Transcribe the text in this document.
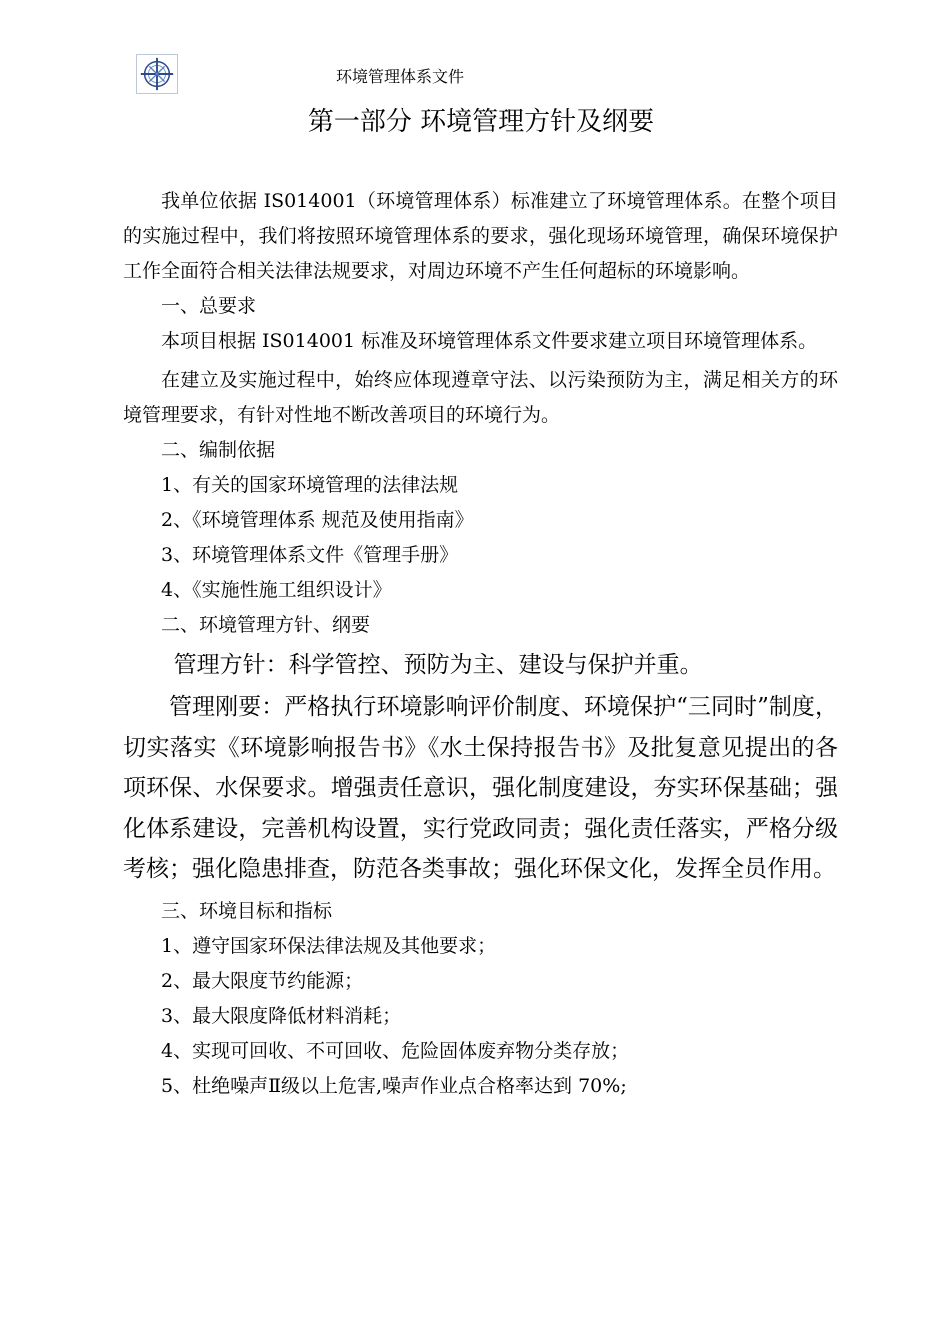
环境管理体系文件
第一部分 环境管理方针及纲要

我单位依据 IS014001（环境管理体系）标准建立了环境管理体系。在整个项目的实施过程中，我们将按照环境管理体系的要求，强化现场环境管理，确保环境保护工作全面符合相关法律法规要求，对周边环境不产生任何超标的环境影响。

一、总要求

本项目根据 IS014001 标准及环境管理体系文件要求建立项目环境管理体系。

在建立及实施过程中，始终应体现遵章守法、以污染预防为主，满足相关方的环境管理要求，有针对性地不断改善项目的环境行为。

二、编制依据

1、有关的国家环境管理的法律法规

2、《环境管理体系 规范及使用指南》

3、环境管理体系文件《管理手册》

4、《实施性施工组织设计》

二、环境管理方针、纲要

管理方针：科学管控、预防为主、建设与保护并重。

管理刚要：严格执行环境影响评价制度、环境保护“三同时”制度，切实落实《环境影响报告书》《水土保持报告书》及批复意见提出的各项环保、水保要求。增强责任意识，强化制度建设，夯实环保基础；强化体系建设，完善机构设置，实行党政同责；强化责任落实，严格分级考核；强化隐患排查，防范各类事故；强化环保文化，发挥全员作用。

三、环境目标和指标

1、遵守国家环保法律法规及其他要求；

2、最大限度节约能源；

3、最大限度降低材料消耗；

4、实现可回收、不可回收、危险固体废弃物分类存放；

5、杜绝噪声Ⅱ级以上危害,噪声作业点合格率达到 70%;
